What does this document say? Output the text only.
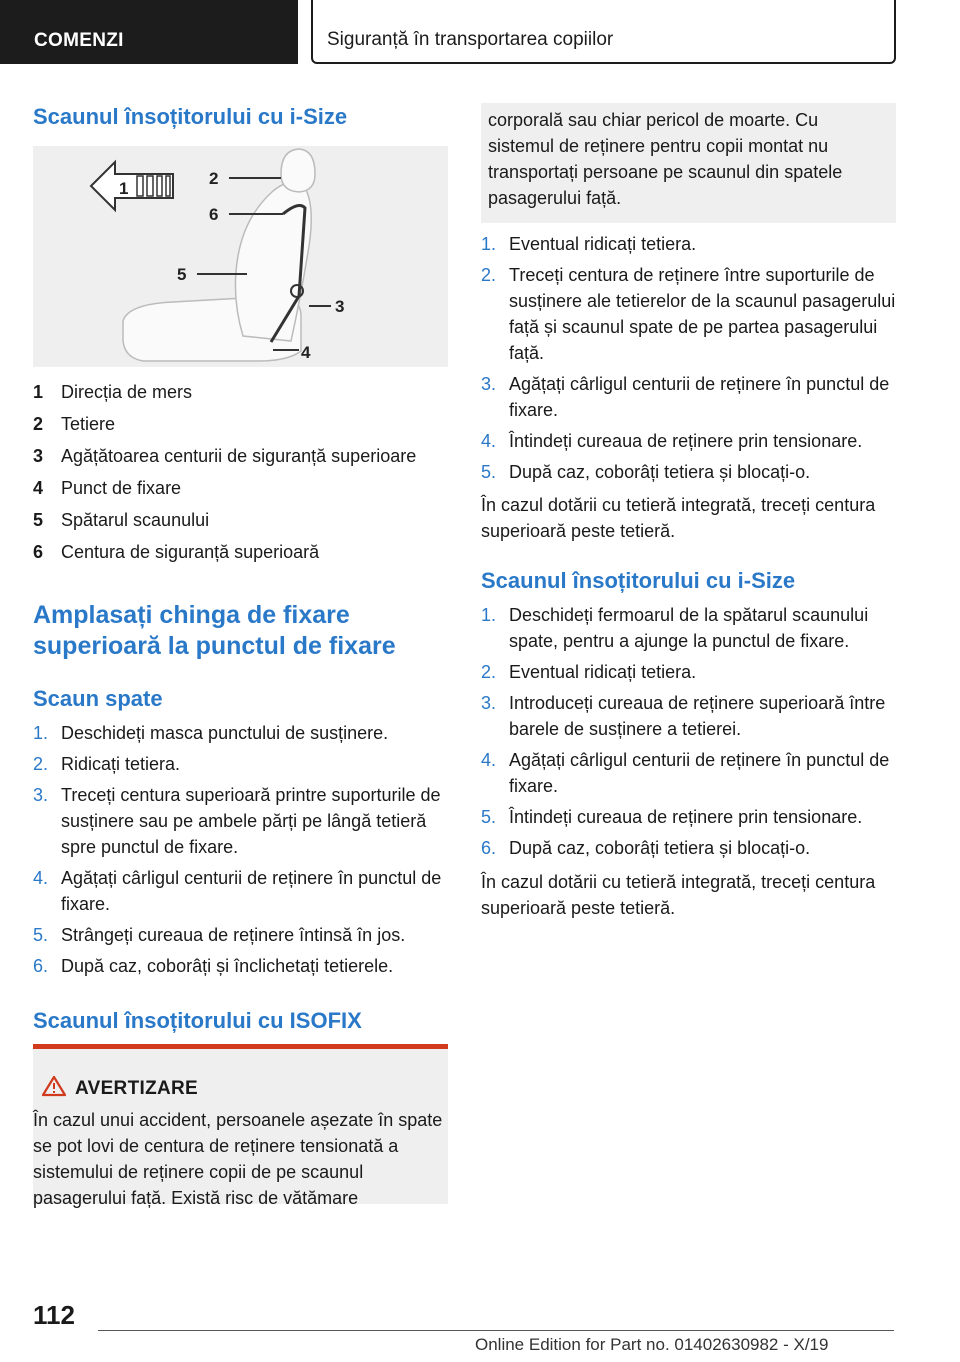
COMENZI	Siguranță în transportarea copiilor
Scaunul însoțitorului cu i-Size
1
2
3
4
5
6
1 Direcția de mers
2 Tetiere
3 Agățătoarea centurii de siguranță superioare
4 Punct de fixare
5 Spătarul scaunului
6 Centura de siguranță superioară
Amplasați chinga de fixare superioară la punctul de fixare
Scaun spate
1. Deschideți masca punctului de susținere.
2. Ridicați tetiera.
3. Treceți centura superioară printre suporturile de susținere sau pe ambele părți pe lângă tetieră spre punctul de fixare.
4. Agățați cârligul centurii de reținere în punctul de fixare.
5. Strângeți cureaua de reținere întinsă în jos.
6. După caz, coborâți și înclichetați tetierele.
Scaunul însoțitorului cu ISOFIX
AVERTIZARE
În cazul unui accident, persoanele așezate în spate se pot lovi de centura de reținere tensionată a sistemului de reținere copii de pe scaunul pasagerului față. Există risc de vătămare
corporală sau chiar pericol de moarte. Cu sistemul de reținere pentru copii montat nu transportați persoane pe scaunul din spatele pasagerului față.
1. Eventual ridicați tetiera.
2. Treceți centura de reținere între suporturile de susținere ale tetierelor de la scaunul pasagerului față și scaunul spate de pe partea pasagerului față.
3. Agățați cârligul centurii de reținere în punctul de fixare.
4. Întindeți cureaua de reținere prin tensionare.
5. După caz, coborâți tetiera și blocați-o.
În cazul dotării cu tetieră integrată, treceți centura superioară peste tetieră.
Scaunul însoțitorului cu i-Size
1. Deschideți fermoarul de la spătarul scaunului spate, pentru a ajunge la punctul de fixare.
2. Eventual ridicați tetiera.
3. Introduceți cureaua de reținere superioară între barele de susținere a tetierei.
4. Agățați cârligul centurii de reținere în punctul de fixare.
5. Întindeți cureaua de reținere prin tensionare.
6. După caz, coborâți tetiera și blocați-o.
În cazul dotării cu tetieră integrată, treceți centura superioară peste tetieră.
112
Online Edition for Part no. 01402630982 - X/19
